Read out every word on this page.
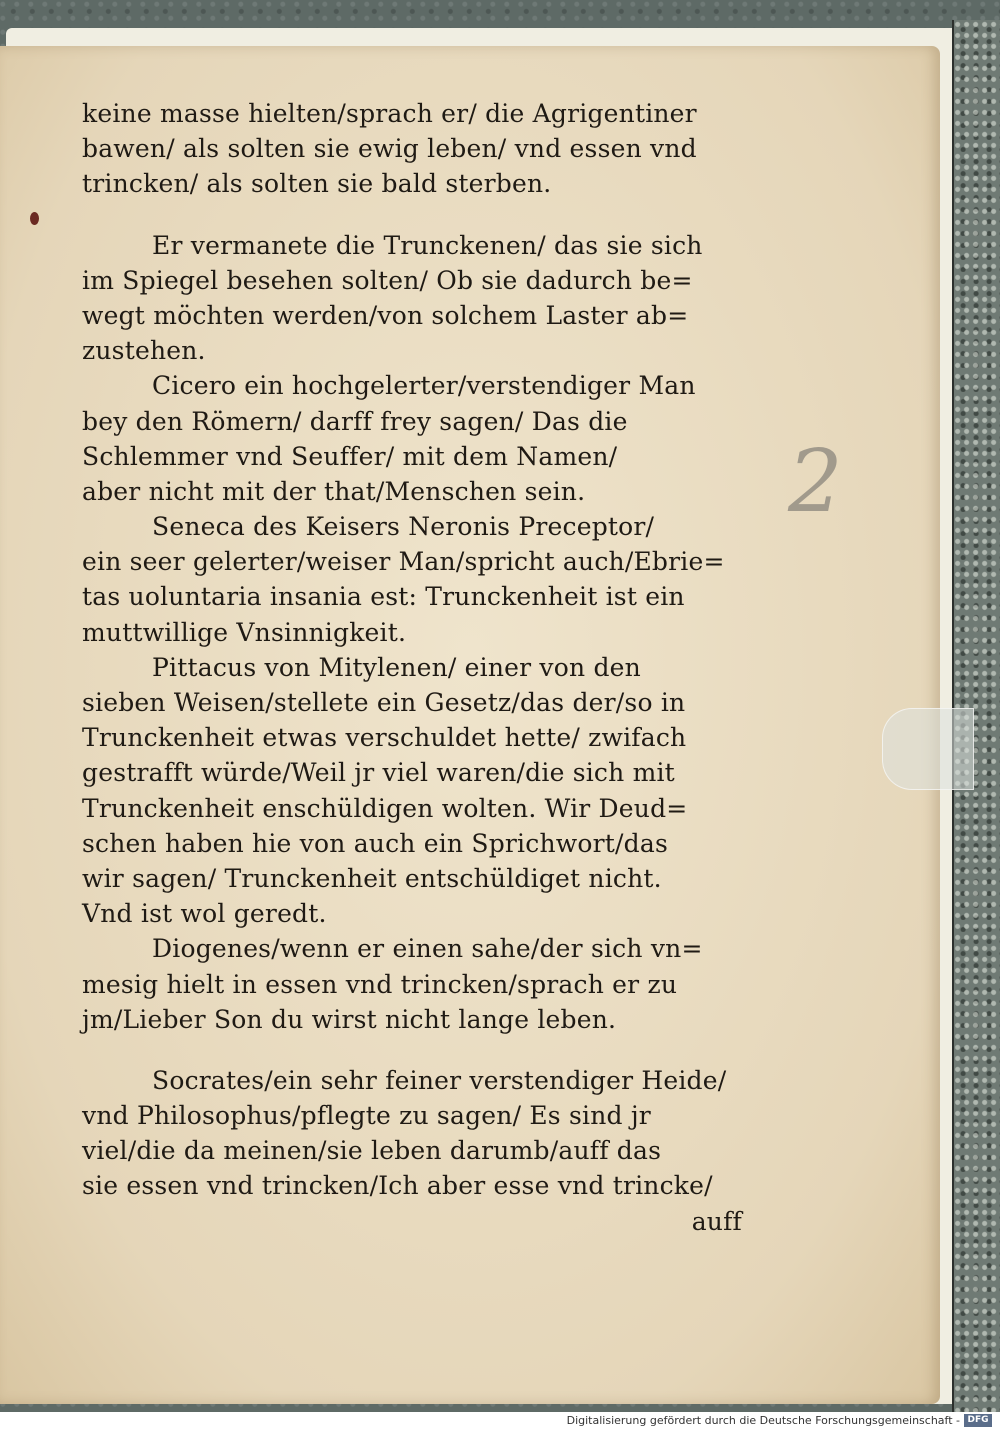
keine masse hielten/sprach er/ die Agrigentiner
bawen/ als solten sie ewig leben/ vnd essen vnd
trincken/ als solten sie bald sterben.
Er vermanete die Trunckenen/ das sie sich
im Spiegel besehen solten/ Ob sie dadurch be=
wegt möchten werden/von solchem Laster ab=
zustehen.
Cicero ein hochgelerter/verstendiger Man
bey den Römern/ darff frey sagen/ Das die
Schlemmer vnd Seuffer/ mit dem Namen/
aber nicht mit der that/Menschen sein.
Seneca des Keisers Neronis Preceptor/
ein seer gelerter/weiser Man/spricht auch/Ebrie=
tas uoluntaria insania est: Trunckenheit ist ein
muttwillige Vnsinnigkeit.
Pittacus von Mitylenen/ einer von den
sieben Weisen/stellete ein Gesetz/das der/so in
Trunckenheit etwas verschuldet hette/ zwifach
gestrafft würde/Weil jr viel waren/die sich mit
Trunckenheit enschüldigen wolten. Wir Deud=
schen haben hie von auch ein Sprichwort/das
wir sagen/ Trunckenheit entschüldiget nicht.
Vnd ist wol geredt.
Diogenes/wenn er einen sahe/der sich vn=
mesig hielt in essen vnd trincken/sprach er zu
jm/Lieber Son du wirst nicht lange leben.
Socrates/ein sehr feiner verstendiger Heide/
vnd Philosophus/pflegte zu sagen/ Es sind jr
viel/die da meinen/sie leben darumb/auff das
sie essen vnd trincken/Ich aber esse vnd trincke/
auff
2
Digitalisierung gefördert durch die Deutsche Forschungsgemeinschaft - DFG
